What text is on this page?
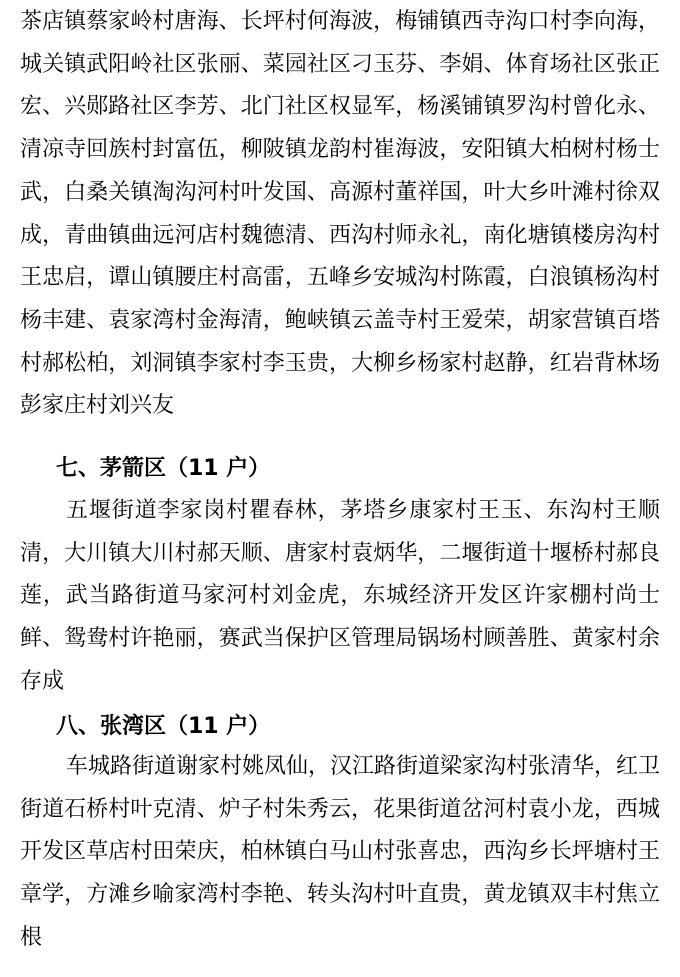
茶店镇蔡家岭村唐海、长坪村何海波，梅铺镇西寺沟口村李向海，城关镇武阳岭社区张丽、菜园社区刁玉芬、李娟、体育场社区张正宏、兴郧路社区李芳、北门社区权显军，杨溪铺镇罗沟村曾化永、清凉寺回族村封富伍，柳陂镇龙韵村崔海波，安阳镇大柏树村杨士武，白桑关镇淘沟河村叶发国、高源村董祥国，叶大乡叶滩村徐双成，青曲镇曲远河店村魏德清、西沟村师永礼，南化塘镇楼房沟村王忠启，谭山镇腰庄村高雷，五峰乡安城沟村陈霞，白浪镇杨沟村杨丰建、袁家湾村金海清，鲍峡镇云盖寺村王爱荣，胡家营镇百塔村郝松柏，刘洞镇李家村李玉贵，大柳乡杨家村赵静，红岩背林场彭家庄村刘兴友

七、茅箭区（11 户）

五堰街道李家岗村瞿春林，茅塔乡康家村王玉、东沟村王顺清，大川镇大川村郝天顺、唐家村袁炳华，二堰街道十堰桥村郝良莲，武当路街道马家河村刘金虎，东城经济开发区许家棚村尚士鲜、鸳鸯村许艳丽，赛武当保护区管理局锅场村顾善胜、黄家村余存成

八、张湾区（11 户）

车城路街道谢家村姚凤仙，汉江路街道梁家沟村张清华，红卫街道石桥村叶克清、炉子村朱秀云，花果街道岔河村袁小龙，西城开发区草店村田荣庆，柏林镇白马山村张喜忠，西沟乡长坪塘村王章学，方滩乡喻家湾村李艳、转头沟村叶直贵，黄龙镇双丰村焦立根
